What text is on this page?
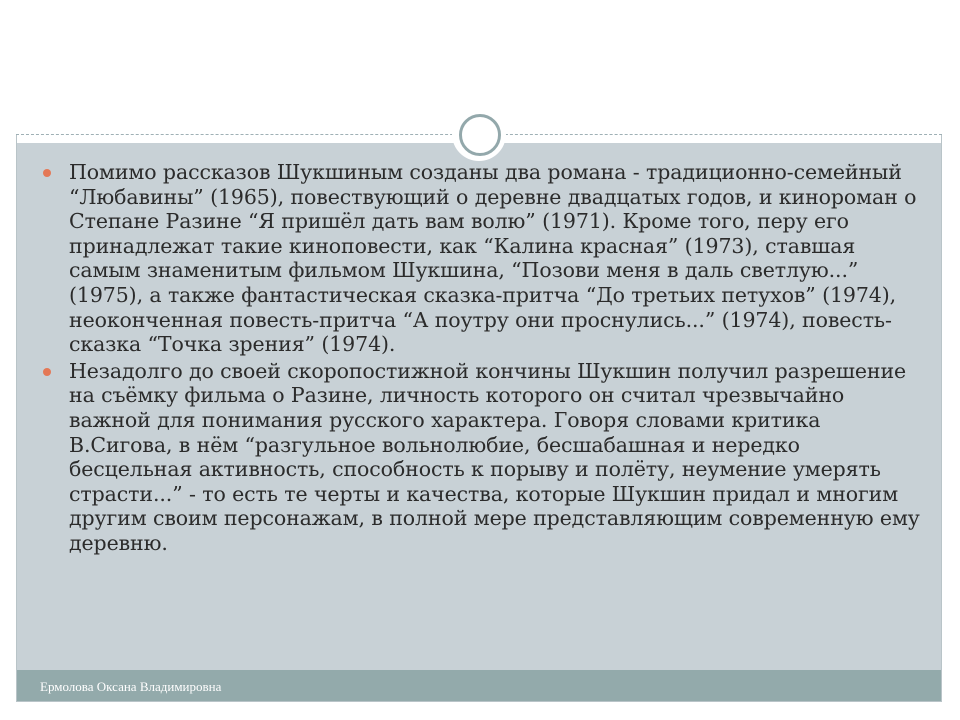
Помимо рассказов Шукшиным созданы два романа - традиционно-семейный “Любавины” (1965), повествующий о деревне двадцатых годов, и кинороман о Степане Разине “Я пришёл дать вам волю” (1971). Кроме того, перу его принадлежат такие киноповести, как “Калина красная” (1973), ставшая самым знаменитым фильмом Шукшина, “Позови меня в даль светлую...” (1975), а также фантастическая сказка-притча “До третьих петухов” (1974), неоконченная повесть-притча “А поутру они проснулись...” (1974), повесть-сказка “Точка зрения” (1974).
Незадолго до своей скоропостижной кончины Шукшин получил разрешение на съёмку фильма о Разине, личность которого он считал чрезвычайно важной для понимания русского характера. Говоря словами критика В.Сигова, в нём “разгульное вольнолюбие, бесшабашная и нередко бесцельная активность, способность к порыву и полёту, неумение умерять страсти...” - то есть те черты и качества, которые Шукшин придал и многим другим своим персонажам, в полной мере представляющим современную ему деревню.
Ермолова Оксана Владимировна
